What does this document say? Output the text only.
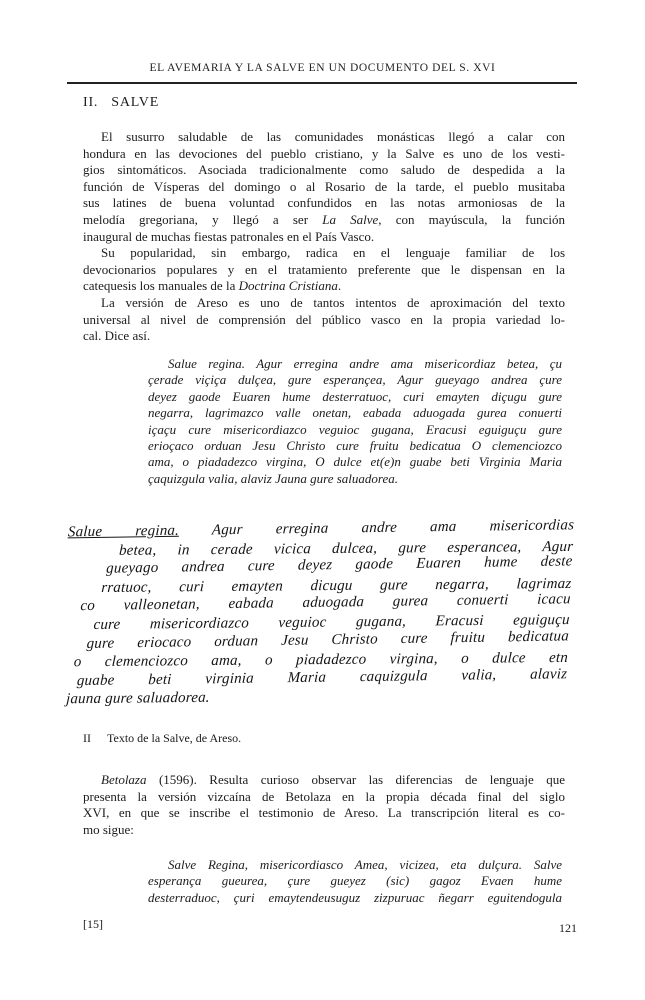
EL AVEMARIA Y LA SALVE EN UN DOCUMENTO DEL S. XVI
II. SALVE
El susurro saludable de las comunidades monásticas llegó a calar con
hondura en las devociones del pueblo cristiano, y la Salve es uno de los vesti-
gios sintomáticos. Asociada tradicionalmente como saludo de despedida a la
función de Vísperas del domingo o al Rosario de la tarde, el pueblo musitaba
sus latines de buena voluntad confundidos en las notas armoniosas de la
melodía gregoriana, y llegó a ser La Salve, con mayúscula, la función
inaugural de muchas fiestas patronales en el País Vasco.
Su popularidad, sin embargo, radica en el lenguaje familiar de los
devocionarios populares y en el tratamiento preferente que le dispensan en la
catequesis los manuales de la Doctrina Cristiana.
La versión de Areso es uno de tantos intentos de aproximación del texto
universal al nivel de comprensión del público vasco en la propia variedad lo-
cal. Dice así.
Salue regina. Agur erregina andre ama misericordiaz betea, çu
çerade viçiça dulçea, gure esperançea, Agur gueyago andrea çure
deyez gaode Euaren hume desterratuoc, curi emayten diçugu gure
negarra, lagrimazco valle onetan, eabada aduogada gurea conuerti
içaçu cure misericordiazco veguioc gugana, Eracusi eguiguçu gure
erioçaco orduan Jesu Christo cure fruitu bedicatua O clemenciozco
ama, o piadadezco virgina, O dulce et(e)n guabe beti Virginia Maria
çaquizgula valia, alaviz Jauna gure saluadorea.
Salue regina. Agur erregina andre ama misericordias
betea, in cerade vicica dulcea, gure esperancea, Agur
gueyago andrea cure deyez gaode Euaren hume deste
rratuoc, curi emayten dicugu gure negarra, lagrimaz
co valleonetan, eabada aduogada gurea conuerti icacu
cure misericordiazco veguioc gugana, Eracusi eguiguçu
gure eriocaco orduan Jesu Christo cure fruitu bedicatua
o clemenciozco ama, o piadadezco virgina, o dulce etn
guabe beti virginia Maria caquizgula valia, alaviz
jauna gure saluadorea.
II Texto de la Salve, de Areso.
Betolaza (1596). Resulta curioso observar las diferencias de lenguaje que
presenta la versión vizcaína de Betolaza en la propia década final del siglo
XVI, en que se inscribe el testimonio de Areso. La transcripción literal es co-
mo sigue:
Salve Regina, misericordiasco Amea, vicizea, eta dulçura. Salve
esperança gueurea, çure gueyez (sic) gagoz Evaen hume
desterraduoc, çuri emaytendeusuguz zizpuruac ñegarr eguitendogula
[15]	121
